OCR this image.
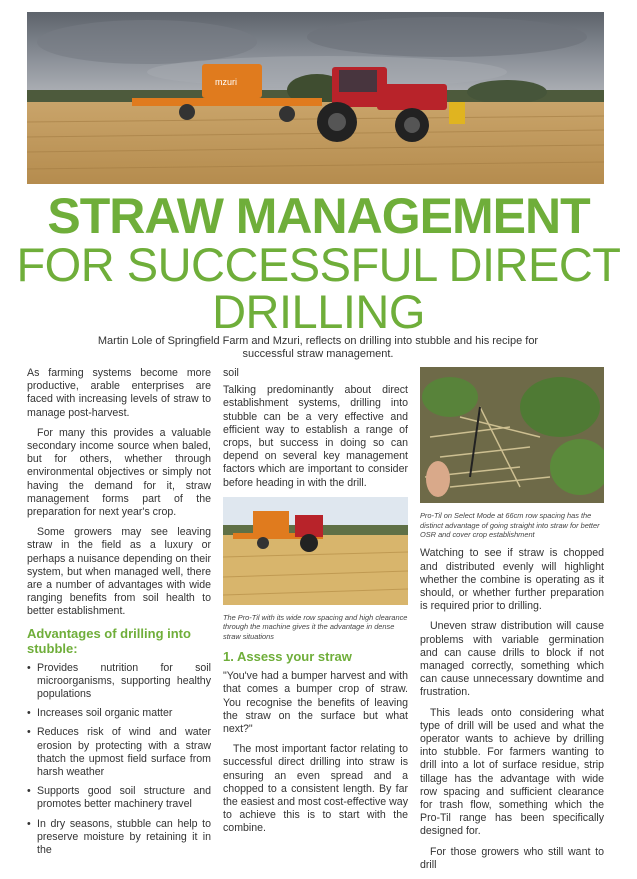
mzuri
STRAW MANAGEMENT
FOR SUCCESSFUL DIRECT
DRILLING
Martin Lole of Springfield Farm and Mzuri, reflects on drilling into stubble and his recipe for successful straw management.

As farming systems become more productive, arable enterprises are faced with increasing levels of straw to manage post-harvest.

For many this provides a valuable secondary income source when baled, but for others, whether through environmental objectives or simply not having the demand for it, straw management forms part of the preparation for next year's crop.

Some growers may see leaving straw in the field as a luxury or perhaps a nuisance depending on their system, but when managed well, there are a number of advantages with wide ranging benefits from soil health to better establishment.

Advantages of drilling into stubble:
• Provides nutrition for soil microorganisms, supporting healthy populations
• Increases soil organic matter
• Reduces risk of wind and water erosion by protecting with a straw thatch the upmost field surface from harsh weather
• Supports good soil structure and promotes better machinery travel
• In dry seasons, stubble can help to preserve moisture by retaining it in the

soil

Talking predominantly about direct establishment systems, drilling into stubble can be a very effective and efficient way to establish a range of crops, but success in doing so can depend on several key management factors which are important to consider before heading in with the drill.

The Pro-Til with its wide row spacing and high clearance through the machine gives it the advantage in dense straw situations
1. Assess your straw

"You've had a bumper harvest and with that comes a bumper crop of straw. You recognise the benefits of leaving the straw on the surface but what next?"

The most important factor relating to successful direct drilling into straw is ensuring an even spread and a chopped to a consistent length. By far the easiest and most cost-effective way to achieve this is to start with the combine.

Pro-Til on Select Mode at 66cm row spacing has the distinct advantage of going straight into straw for better OSR and cover crop establishment

Watching to see if straw is chopped and distributed evenly will highlight whether the combine is operating as it should, or whether further preparation is required prior to drilling.

Uneven straw distribution will cause problems with variable germination and can cause drills to block if not managed correctly, something which can cause unnecessary downtime and frustration.

This leads onto considering what type of drill will be used and what the operator wants to achieve by drilling into stubble. For farmers wanting to drill into a lot of surface residue, strip tillage has the advantage with wide row spacing and sufficient clearance for trash flow, something which the Pro-Til range has been specifically designed for.

For those growers who still want to drill
